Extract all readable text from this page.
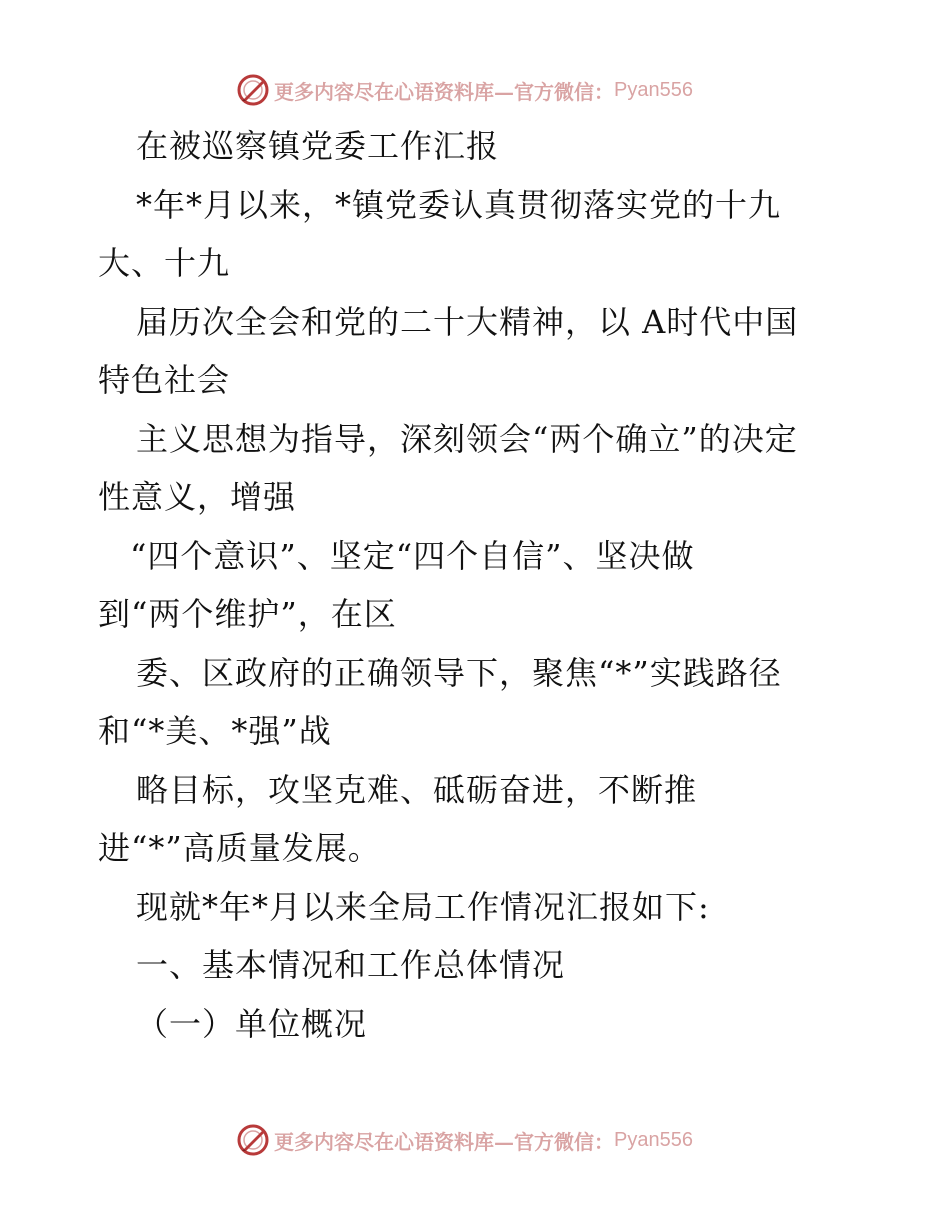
更多内容尽在心语资料库—官方微信： Pyan556
在被巡察镇党委工作汇报
*年*月以来，*镇党委认真贯彻落实党的十九
大、十九
届历次全会和党的二十大精神，以 A时代中国
特色社会
主义思想为指导，深刻领会“两个确立”的决定
性意义，增强
“四个意识”、坚定“四个自信”、坚决做
到“两个维护”，在区
委、区政府的正确领导下，聚焦“*”实践路径
和“*美、*强”战
略目标，攻坚克难、砥砺奋进，不断推
进“*”高质量发展。
现就*年*月以来全局工作情况汇报如下:
一、基本情况和工作总体情况
（一）单位概况
更多内容尽在心语资料库—官方微信： Pyan556
